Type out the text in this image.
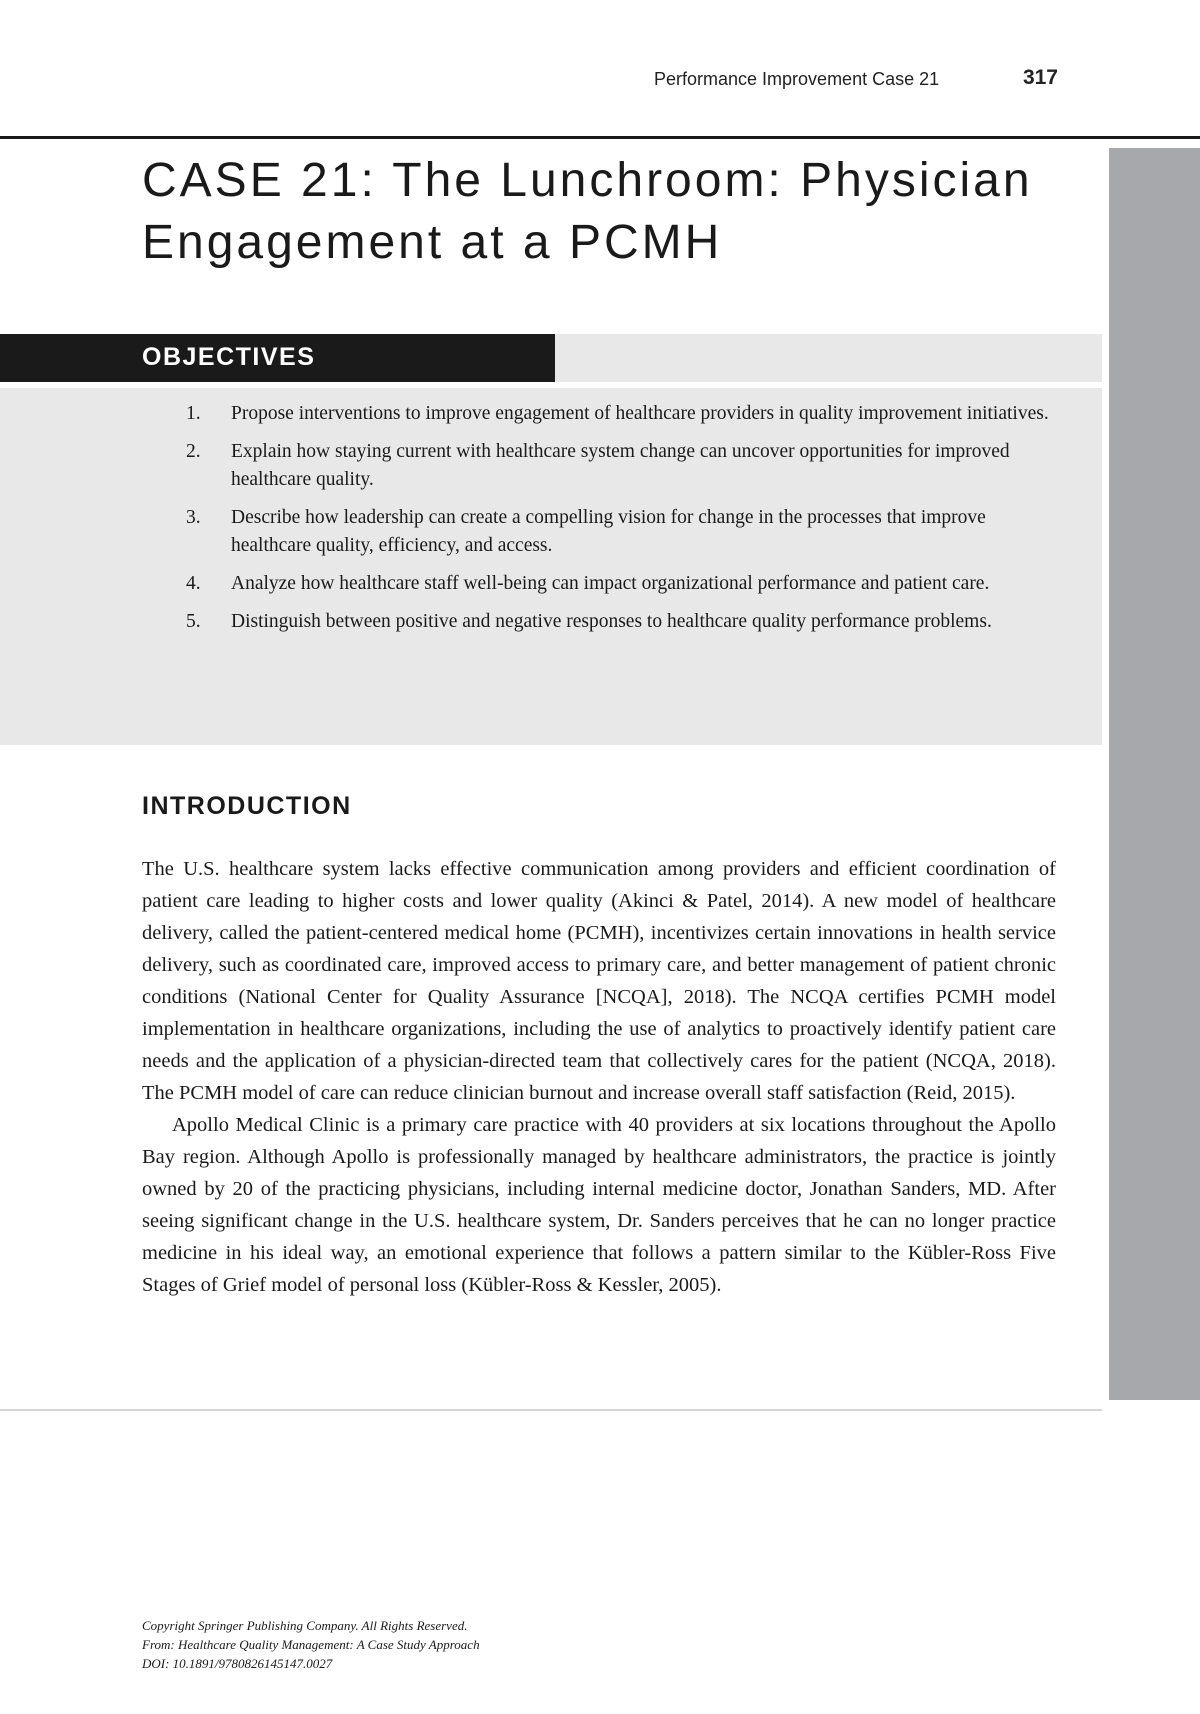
Performance Improvement Case 21	317
CASE 21: The Lunchroom: Physician
Engagement at a PCMH
OBJECTIVES
1. Propose interventions to improve engagement of healthcare providers in quality improvement initiatives.
2. Explain how staying current with healthcare system change can uncover opportunities for improved healthcare quality.
3. Describe how leadership can create a compelling vision for change in the processes that improve healthcare quality, efficiency, and access.
4. Analyze how healthcare staff well-being can impact organizational performance and patient care.
5. Distinguish between positive and negative responses to healthcare quality performance problems.
INTRODUCTION

The U.S. healthcare system lacks effective communication among providers and efficient coordination of patient care leading to higher costs and lower quality (Akinci & Patel, 2014). A new model of healthcare delivery, called the patient-centered medical home (PCMH), incentivizes certain innovations in health service delivery, such as coordinated care, improved access to primary care, and better management of patient chronic conditions (National Center for Quality Assurance [NCQA], 2018). The NCQA certifies PCMH model implementation in healthcare organizations, including the use of analytics to proactively identify patient care needs and the application of a physician-directed team that collectively cares for the patient (NCQA, 2018). The PCMH model of care can reduce clinician burnout and increase overall staff satisfaction (Reid, 2015).

Apollo Medical Clinic is a primary care practice with 40 providers at six locations throughout the Apollo Bay region. Although Apollo is professionally managed by healthcare administrators, the practice is jointly owned by 20 of the practicing physicians, including internal medicine doctor, Jonathan Sanders, MD. After seeing significant change in the U.S. healthcare system, Dr. Sanders perceives that he can no longer practice medicine in his ideal way, an emotional experience that follows a pattern similar to the Kübler-Ross Five Stages of Grief model of personal loss (Kübler-Ross & Kessler, 2005).

Copyright Springer Publishing Company. All Rights Reserved.
From: Healthcare Quality Management: A Case Study Approach
DOI: 10.1891/9780826145147.0027
